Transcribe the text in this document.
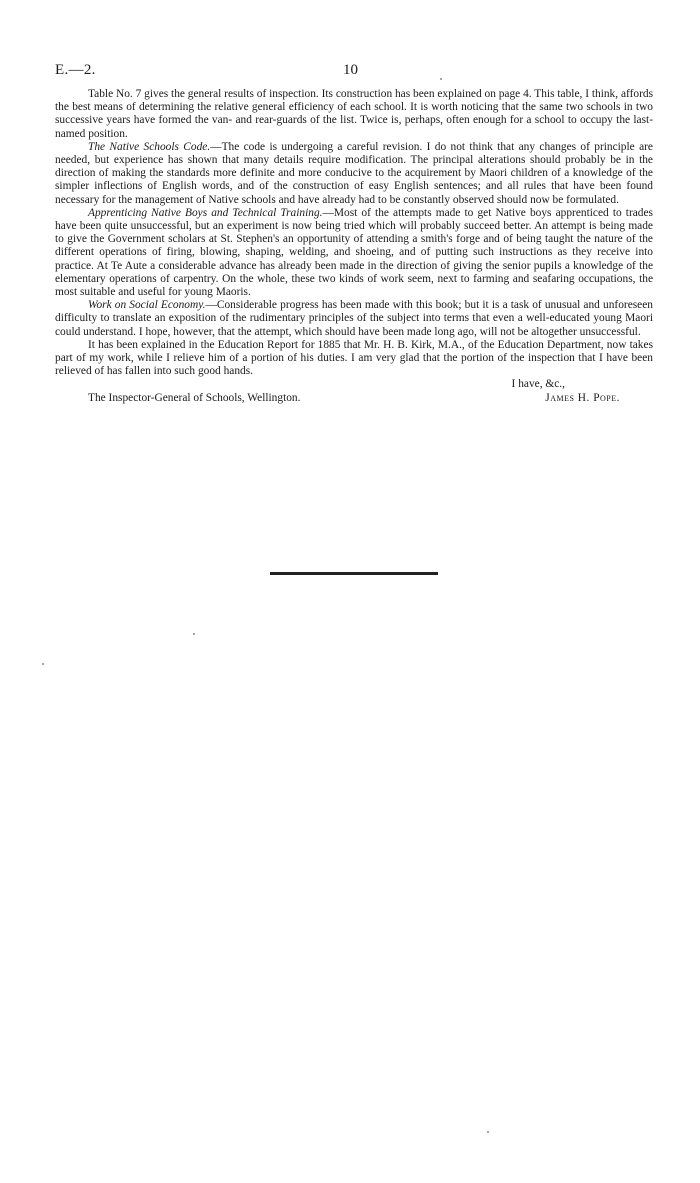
E.—2.	10

Table No. 7 gives the general results of inspection. Its construction has been explained on page 4. This table, I think, affords the best means of determining the relative general efficiency of each school. It is worth noticing that the same two schools in two successive years have formed the van- and rear-guards of the list. Twice is, perhaps, often enough for a school to occupy the last-named position.

The Native Schools Code.—The code is undergoing a careful revision. I do not think that any changes of principle are needed, but experience has shown that many details require modification. The principal alterations should probably be in the direction of making the standards more definite and more conducive to the acquirement by Maori children of a knowledge of the simpler inflections of English words, and of the construction of easy English sentences; and all rules that have been found necessary for the management of Native schools and have already had to be constantly observed should now be formulated.

Apprenticing Native Boys and Technical Training.—Most of the attempts made to get Native boys apprenticed to trades have been quite unsuccessful, but an experiment is now being tried which will probably succeed better. An attempt is being made to give the Government scholars at St. Stephen's an opportunity of attending a smith's forge and of being taught the nature of the different operations of firing, blowing, shaping, welding, and shoeing, and of putting such instructions as they receive into practice. At Te Aute a considerable advance has already been made in the direction of giving the senior pupils a knowledge of the elementary operations of carpentry. On the whole, these two kinds of work seem, next to farming and seafaring occupations, the most suitable and useful for young Maoris.

Work on Social Economy.—Considerable progress has been made with this book; but it is a task of unusual and unforeseen difficulty to translate an exposition of the rudimentary principles of the subject into terms that even a well-educated young Maori could understand. I hope, however, that the attempt, which should have been made long ago, will not be altogether unsuccessful.

It has been explained in the Education Report for 1885 that Mr. H. B. Kirk, M.A., of the Education Department, now takes part of my work, while I relieve him of a portion of his duties. I am very glad that the portion of the inspection that I have been relieved of has fallen into such good hands.

I have, &c.,
The Inspector-General of Schools, Wellington.	James H. Pope.
